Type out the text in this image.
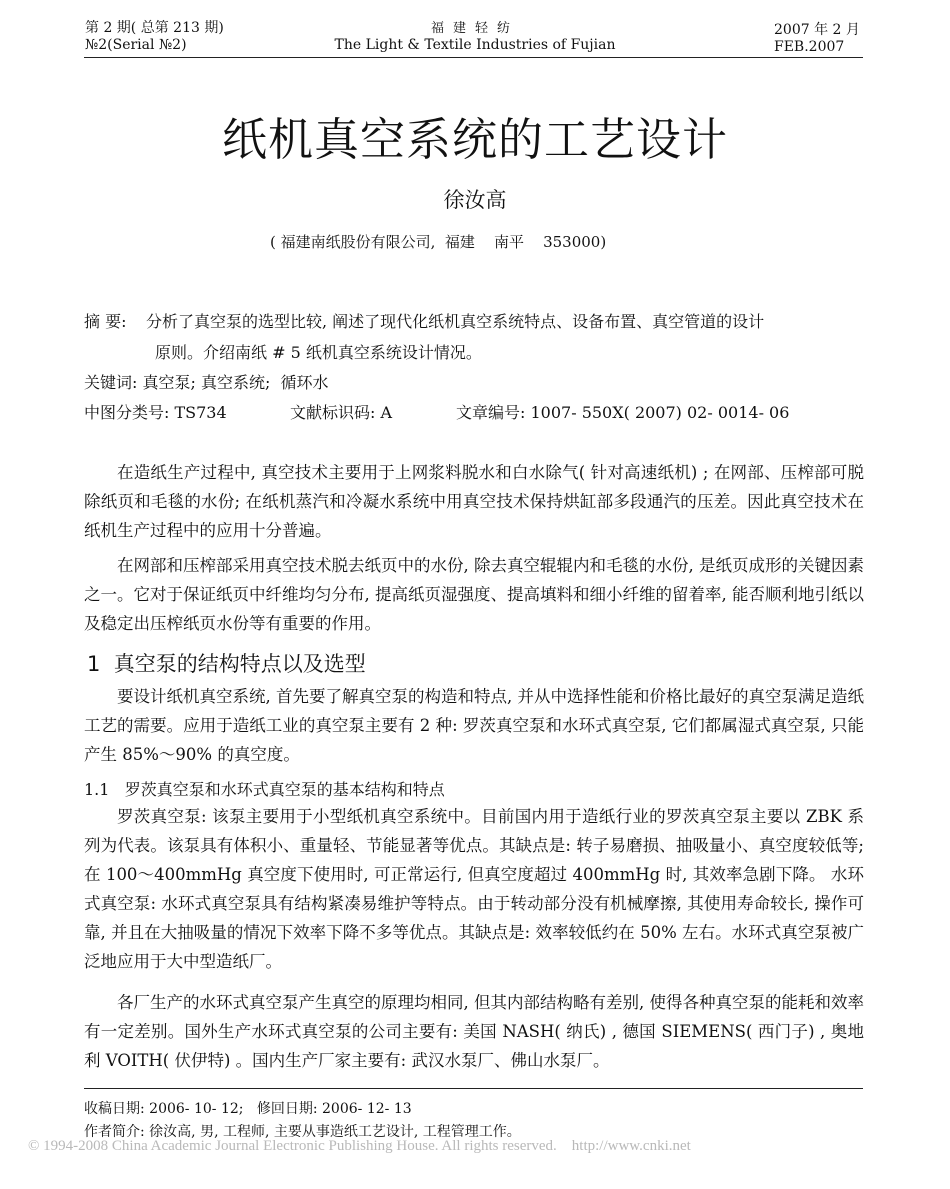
第 2 期( 总第 213 期)
№2(Serial №2)
福建轻纺
The Light & Textile Industries of Fujian
2007 年 2 月
FEB.2007
纸机真空系统的工艺设计
徐汝高
( 福建南纸股份有限公司,  福建    南平    353000)
摘 要: 分析了真空泵的选型比较, 阐述了现代化纸机真空系统特点、设备布置、真空管道的设计
原则。介绍南纸 # 5 纸机真空系统设计情况。
关键词: 真空泵; 真空系统;  循环水
中图分类号: TS734	文献标识码: A	文章编号: 1007- 550X( 2007) 02- 0014- 06

在造纸生产过程中, 真空技术主要用于上网浆料脱水和白水除气( 针对高速纸机) ; 在网部、压榨部可脱除纸页和毛毯的水份; 在纸机蒸汽和冷凝水系统中用真空技术保持烘缸部多段通汽的压差。因此真空技术在纸机生产过程中的应用十分普遍。

在网部和压榨部采用真空技术脱去纸页中的水份, 除去真空辊辊内和毛毯的水份, 是纸页成形的关键因素之一。它对于保证纸页中纤维均匀分布, 提高纸页湿强度、提高填料和细小纤维的留着率, 能否顺利地引纸以及稳定出压榨纸页水份等有重要的作用。

1  真空泵的结构特点以及选型

要设计纸机真空系统, 首先要了解真空泵的构造和特点, 并从中选择性能和价格比最好的真空泵满足造纸工艺的需要。应用于造纸工业的真空泵主要有 2 种: 罗茨真空泵和水环式真空泵, 它们都属湿式真空泵, 只能产生 85%～90% 的真空度。

1.1   罗茨真空泵和水环式真空泵的基本结构和特点

罗茨真空泵: 该泵主要用于小型纸机真空系统中。目前国内用于造纸行业的罗茨真空泵主要以 ZBK 系列为代表。该泵具有体积小、重量轻、节能显著等优点。其缺点是: 转子易磨损、抽吸量小、真空度较低等; 在 100～400mmHg 真空度下使用时, 可正常运行, 但真空度超过 400mmHg 时, 其效率急剧下降。 水环式真空泵: 水环式真空泵具有结构紧凑易维护等特点。由于转动部分没有机械摩擦, 其使用寿命较长, 操作可靠, 并且在大抽吸量的情况下效率下降不多等优点。其缺点是: 效率较低约在 50% 左右。水环式真空泵被广泛地应用于大中型造纸厂。

各厂生产的水环式真空泵产生真空的原理均相同, 但其内部结构略有差别, 使得各种真空泵的能耗和效率有一定差别。国外生产水环式真空泵的公司主要有: 美国 NASH( 纳氏) , 德国 SIEMENS( 西门子) , 奥地利 VOITH( 伏伊特) 。国内生产厂家主要有: 武汉水泵厂、佛山水泵厂。

收稿日期: 2006- 10- 12;   修回日期: 2006- 12- 13
作者简介: 徐汝高, 男, 工程师, 主要从事造纸工艺设计, 工程管理工作。
© 1994-2008 China Academic Journal Electronic Publishing House. All rights reserved.    http://www.cnki.net
